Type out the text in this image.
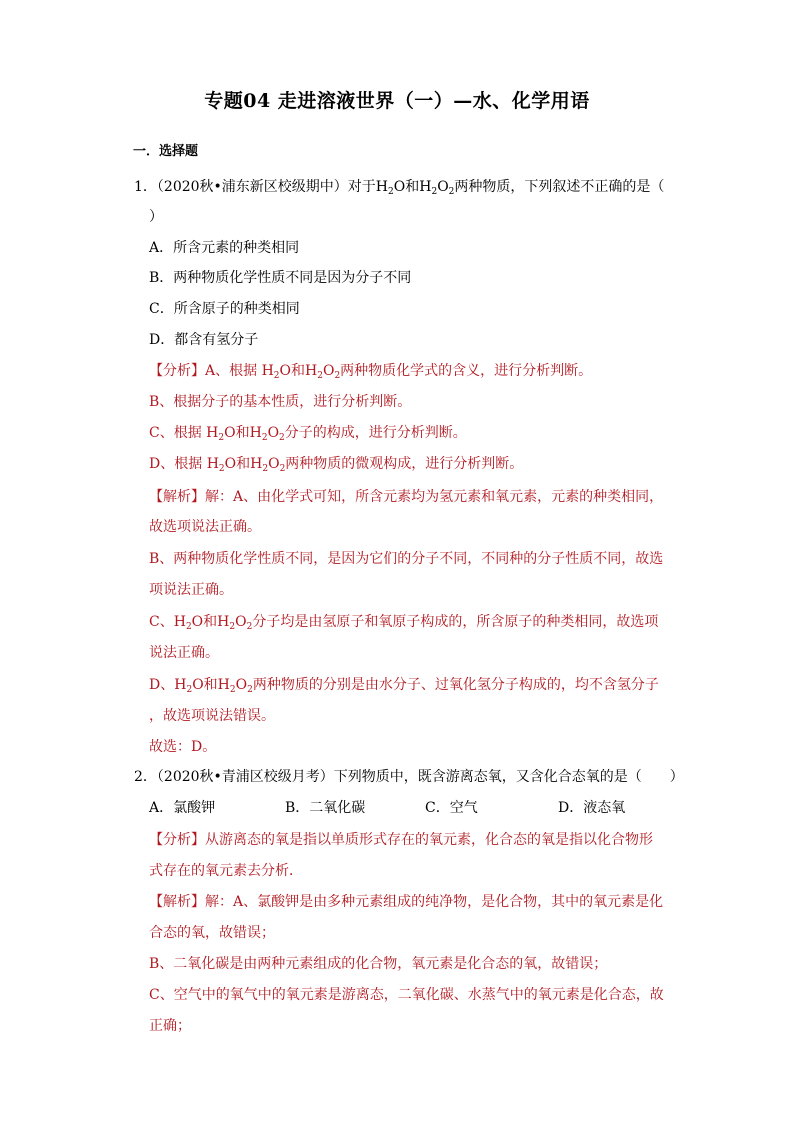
专题04 走进溶液世界（一）—水、化学用语
一．选择题
1．（2020秋•浦东新区校级期中）对于$H_2O$和$H_2O_2$两种物质，下列叙述不正确的是（
）
A．所含元素的种类相同
B．两种物质化学性质不同是因为分子不同
C．所含原子的种类相同
D．都含有氢分子
【分析】A、根据 $H_2O$和$H_2O_2$两种物质化学式的含义，进行分析判断。
B、根据分子的基本性质，进行分析判断。
C、根据 $H_2O$和$H_2O_2$分子的构成，进行分析判断。
D、根据 $H_2O$和$H_2O_2$两种物质的微观构成，进行分析判断。
【解析】解：A、由化学式可知，所含元素均为氢元素和氧元素，元素的种类相同，
故选项说法正确。
B、两种物质化学性质不同，是因为它们的分子不同，不同种的分子性质不同，故选
项说法正确。
C、$H_2O$和$H_2O_2$分子均是由氢原子和氧原子构成的，所含原子的种类相同，故选项
说法正确。
D、$H_2O$和$H_2O_2$两种物质的分别是由水分子、过氧化氢分子构成的，均不含氢分子
，故选项说法错误。
故选：D。
2．（2020秋•青浦区校级月考）下列物质中，既含游离态氧，又含化合态氧的是（　　）
A．氯酸钾	B．二氧化碳	C．空气	D．液态氧
【分析】从游离态的氧是指以单质形式存在的氧元素，化合态的氧是指以化合物形
式存在的氧元素去分析．
【解析】解：A、氯酸钾是由多种元素组成的纯净物，是化合物，其中的氧元素是化
合态的氧，故错误；
B、二氧化碳是由两种元素组成的化合物，氧元素是化合态的氧，故错误；
C、空气中的氧气中的氧元素是游离态，二氧化碳、水蒸气中的氧元素是化合态，故
正确；
